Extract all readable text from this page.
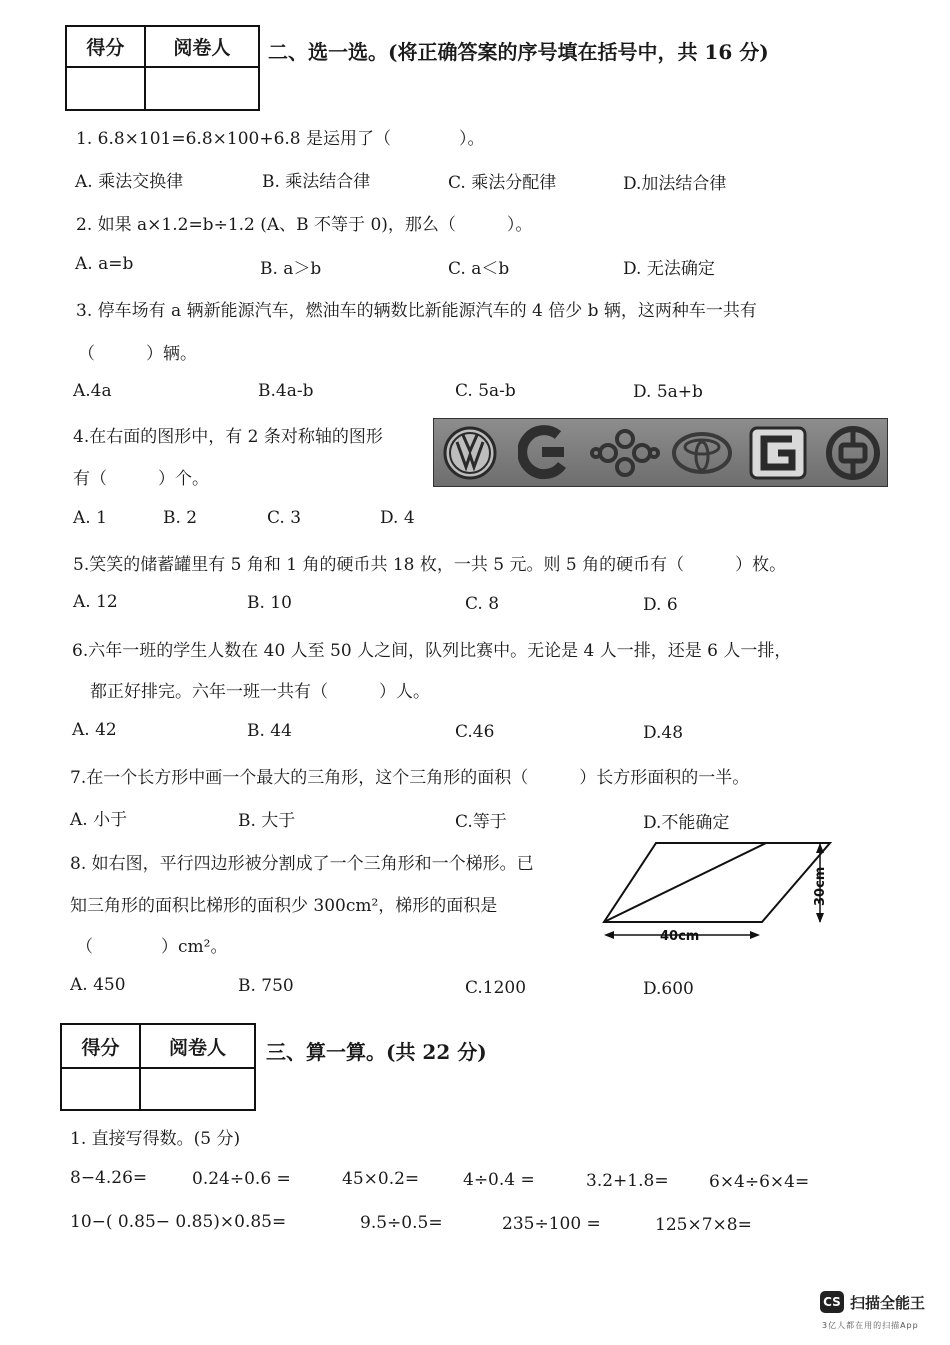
得分	阅卷人
	二、选一选。(将正确答案的序号填在括号中，共 16 分)
1. 6.8×101=6.8×100+6.8 是运用了（　　　　）。
A. 乘法交换律	B. 乘法结合律	C. 乘法分配律	D.加法结合律
2. 如果 a×1.2=b÷1.2 (A、B 不等于 0)，那么（　　　）。
A. a=b	B. a＞b	C. a＜b	D. 无法确定
3. 停车场有 a 辆新能源汽车，燃油车的辆数比新能源汽车的 4 倍少 b 辆，这两种车一共有
（　　　）辆。
A.4a	B.4a-b	C. 5a-b	D. 5a+b
4.在右面的图形中，有 2 条对称轴的图形
有（　　　）个。
A. 1	B. 2	C. 3	D. 4
5.笑笑的储蓄罐里有 5 角和 1 角的硬币共 18 枚，一共 5 元。则 5 角的硬币有（　　　）枚。
A. 12	B. 10	C. 8	D. 6
6.六年一班的学生人数在 40 人至 50 人之间，队列比赛中。无论是 4 人一排，还是 6 人一排，
都正好排完。六年一班一共有（　　　）人。
A. 42	B. 44	C.46	D.48
7.在一个长方形中画一个最大的三角形，这个三角形的面积（　　　）长方形面积的一半。
A. 小于	B. 大于	C.等于	D.不能确定
8. 如右图，平行四边形被分割成了一个三角形和一个梯形。已
知三角形的面积比梯形的面积少 300cm²，梯形的面积是
（　　　　）cm²。
40cm
30cm
A. 450	B. 750	C.1200	D.600
得分	阅卷人
	三、算一算。(共 22 分)
1. 直接写得数。(5 分)
8−4.26=	0.24÷0.6 =	45×0.2=	4÷0.4 =	3.2+1.8= 6×4÷6×4=
10−( 0.85− 0.85)×0.85=	9.5÷0.5=	235÷100 =	125×7×8=
CS 扫描全能王
3亿人都在用的扫描App
